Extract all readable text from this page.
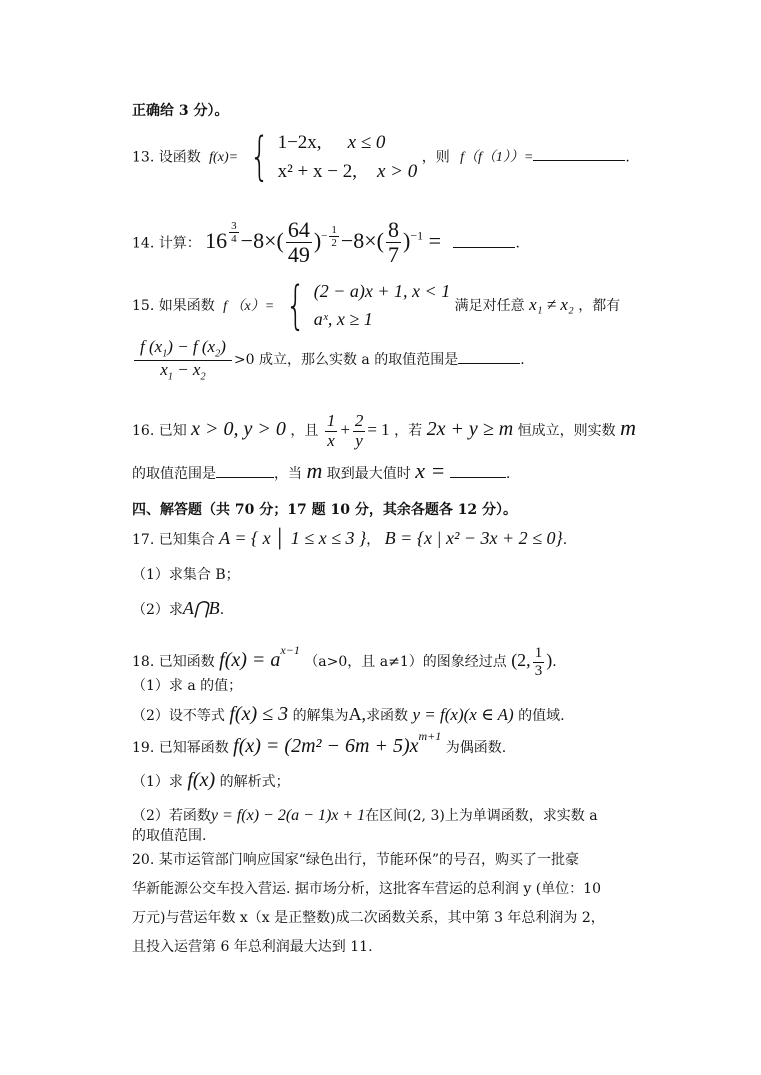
正确给 3 分）。
13. 设函数 f(x)= { 1−2x, x ≤ 0
x² + x − 2, x > 0
，则 f（f（1））=	.
14. 计算： 16 $^{\frac{3}{4}} -8\times( \frac{64}{49} )^{- \frac{1}{2}} -8\times( \frac{8}{7} )^{-1}$ =	.
15. 如果函数 f （x）= { (2 − a)x + 1, x < 1
aˣ, x ≥ 1
满足对任意 x₁ ≠ x₂ ，都有
$\frac{f (x_1) - f (x_2)}{x_1 - x_2} >0$ 成立，那么实数 a 的取值范围是	.
16. 已知 x > 0, y > 0 ，且 $\frac{1}{x} + \frac{2}{y} = 1$ ，若 2x + y ≥ m 恒成立，则实数 m
的取值范围是	，当 m 取到最大值时 x =	.
四、解答题（共 70 分；17 题 10 分，其余各题各 12 分）。
17. 已知集合 A = { x │ 1 ≤ x ≤ 3 }， B = {x | x² − 3x + 2 ≤ 0}.
（1）求集合 B；
（2）求A⋂B.
18. 已知函数 $f(x) = a^{x-1}$ （a>0，且 a≠1）的图象经过点 (2, $\frac{1}{3}$ ).
（1）求 a 的值；
（2）设不等式 f(x) ≤ 3 的解集为A,求函数 y = f(x)(x ∈ A) 的值域.
19. 已知幂函数 $f(x) = (2m^2 - 6m + 5)x^{m+1}$ 为偶函数.
（1）求 f(x) 的解析式；
（2）若函数y = f(x) − 2(a − 1)x + 1在区间(2, 3)上为单调函数，求实数 a
的取值范围.
20. 某市运管部门响应国家“绿色出行，节能环保”的号召，购买了一批豪
华新能源公交车投入营运. 据市场分析，这批客车营运的总利润 y (单位：10
万元)与营运年数 x（x 是正整数)成二次函数关系，其中第 3 年总利润为 2，
且投入运营第 6 年总利润最大达到 11.
